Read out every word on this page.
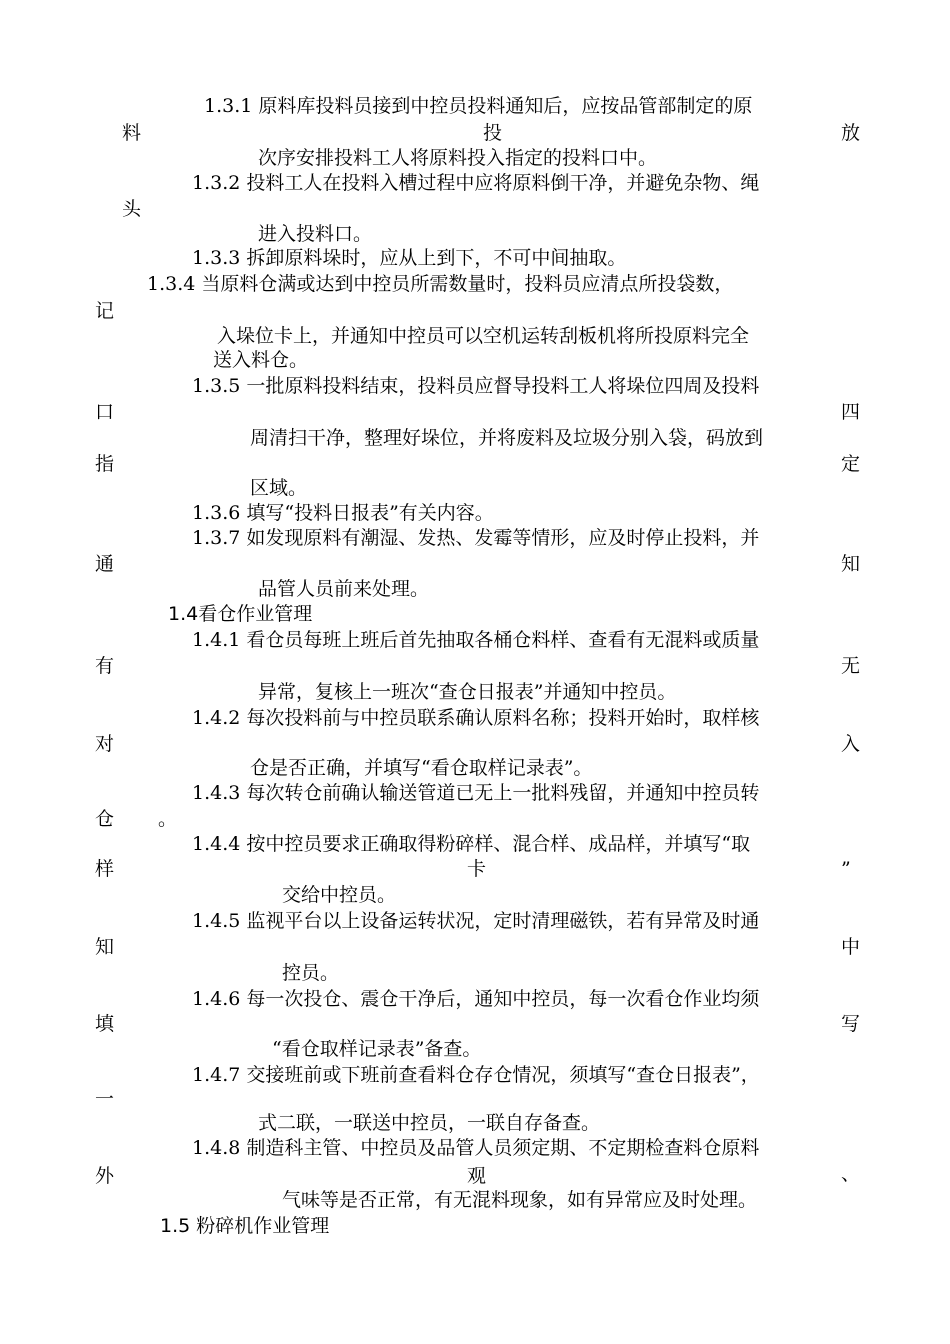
1.3.1 原料库投料员接到中控员投料通知后，应按品管部制定的原

料	投	放

次序安排投料工人将原料投入指定的投料口中。

1.3.2 投料工人在投料入槽过程中应将原料倒干净，并避免杂物、绳

头

进入投料口。

1.3.3 拆卸原料垛时，应从上到下，不可中间抽取。

1.3.4 当原料仓满或达到中控员所需数量时，投料员应清点所投袋数，

记

入垛位卡上，并通知中控员可以空机运转刮板机将所投原料完全

送入料仓。

1.3.5 一批原料投料结束，投料员应督导投料工人将垛位四周及投料

口	四

周清扫干净，整理好垛位，并将废料及垃圾分别入袋，码放到

指	定

区域。

1.3.6 填写“投料日报表”有关内容。

1.3.7 如发现原料有潮湿、发热、发霉等情形，应及时停止投料，并

通	知

品管人员前来处理。

1.4看仓作业管理

1.4.1 看仓员每班上班后首先抽取各桶仓料样、查看有无混料或质量

有	无

异常，复核上一班次“查仓日报表”并通知中控员。

1.4.2 每次投料前与中控员联系确认原料名称；投料开始时，取样核

对	入

仓是否正确，并填写“看仓取样记录表”。

1.4.3 每次转仓前确认输送管道已无上一批料残留，并通知中控员转

仓 。

1.4.4 按中控员要求正确取得粉碎样、混合样、成品样，并填写“取

样	卡	”

交给中控员。

1.4.5 监视平台以上设备运转状况，定时清理磁铁，若有异常及时通

知	中

控员。

1.4.6 每一次投仓、震仓干净后，通知中控员，每一次看仓作业均须

填	写

“看仓取样记录表”备查。

1.4.7 交接班前或下班前查看料仓存仓情况，须填写“查仓日报表”，

一

式二联，一联送中控员，一联自存备查。

1.4.8 制造科主管、中控员及品管人员须定期、不定期检查料仓原料

外	观	、

气味等是否正常，有无混料现象，如有异常应及时处理。

1.5 粉碎机作业管理
